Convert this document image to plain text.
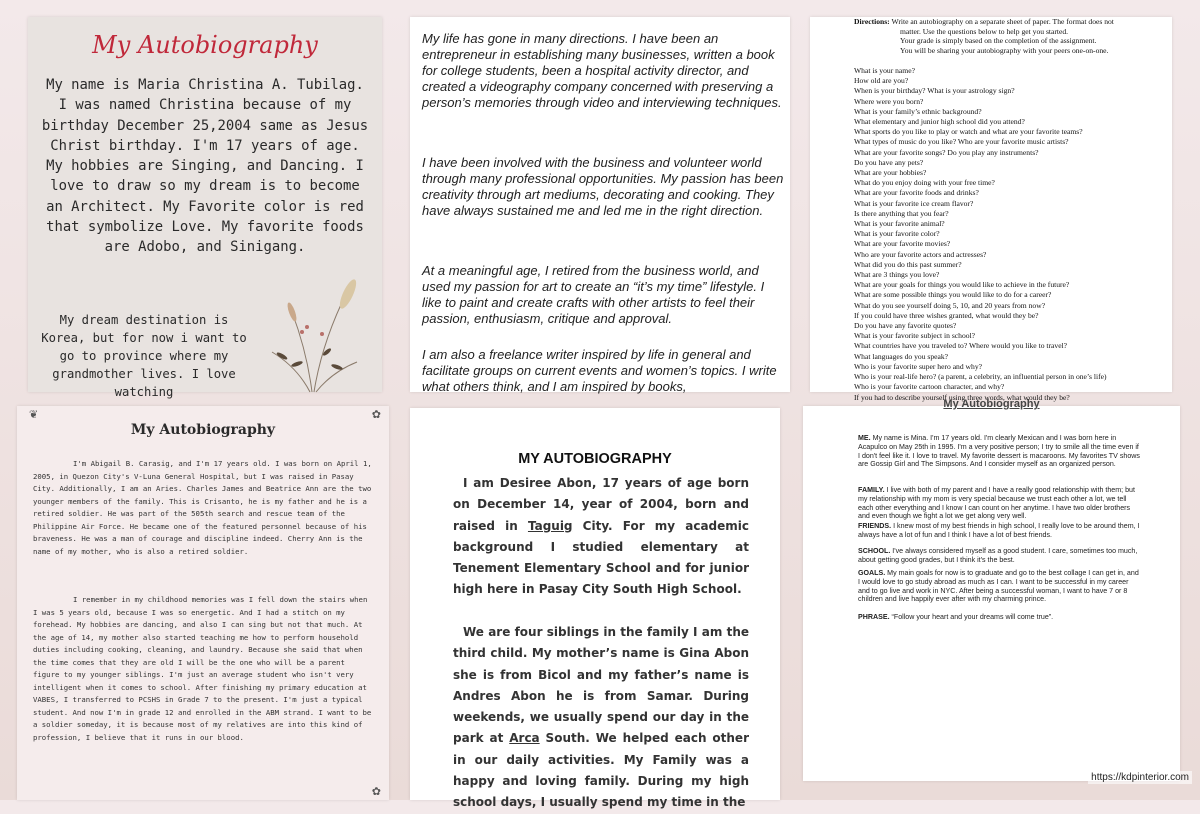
My Autobiography
My name is Maria Christina A. Tubilag. I was named Christina because of my birthday December 25,2004 same as Jesus Christ birthday. I'm 17 years of age. My hobbies are Singing, and Dancing. I love to draw so my dream is to become an Architect. My Favorite color is red that symbolize Love. My favorite foods are Adobo, and Sinigang.
My dream destination is Korea, but for now i want to go to province where my grandmother lives. I love watching
My life has gone in many directions. I have been an entrepreneur in establishing many businesses, written a book for college students, been a hospital activity director, and created a videography company concerned with preserving a person’s memories through video and interviewing techniques.
I have been involved with the business and volunteer world through many professional opportunities. My passion has been creativity through art mediums, decorating and cooking. They have always sustained me and led me in the right direction.
At a meaningful age, I retired from the business world, and used my passion for art to create an “it’s my time” lifestyle. I like to paint and create crafts with other artists to feel their passion, enthusiasm, critique and approval.
I am also a freelance writer inspired by life in general and facilitate groups on current events and women’s topics. I write what others think, and I am inspired by books,
Directions: Write an autobiography on a separate sheet of paper. The format does not
matter. Use the questions below to help get you started.
Your grade is simply based on the completion of the assignment.
You will be sharing your autobiography with your peers one-on-one.
What is your name?
How old are you?
When is your birthday? What is your astrology sign?
Where were you born?
What is your family’s ethnic background?
What elementary and junior high school did you attend?
What sports do you like to play or watch and what are your favorite teams?
What types of music do you like? Who are your favorite music artists?
What are your favorite songs? Do you play any instruments?
Do you have any pets?
What are your hobbies?
What do you enjoy doing with your free time?
What are your favorite foods and drinks?
What is your favorite ice cream flavor?
Is there anything that you fear?
What is your favorite animal?
What is your favorite color?
What are your favorite movies?
Who are your favorite actors and actresses?
What did you do this past summer?
What are 3 things you love?
What are your goals for things you would like to achieve in the future?
What are some possible things you would like to do for a career?
What do you see yourself doing 5, 10, and 20 years from now?
If you could have three wishes granted, what would they be?
Do you have any favorite quotes?
What is your favorite subject in school?
What countries have you traveled to? Where would you like to travel?
What languages do you speak?
Who is your favorite super hero and why?
Who is your real-life hero? (a parent, a celebrity, an influential person in one’s life)
Who is your favorite cartoon character, and why?
If you had to describe yourself using three words, what would they be?
❦	✿
My Autobiography
I'm Abigail B. Carasig, and I'm 17 years old. I was born on April 1, 2005, in Quezon City's V-Luna General Hospital, but I was raised in Pasay City. Additionally, I am an Aries. Charles James and Beatrice Ann are the two younger members of the family. This is Crisanto, he is my father and he is a retired soldier. He was part of the 505th search and rescue team of the Philippine Air Force. He became one of the featured personnel because of his braveness. He was a man of courage and discipline indeed. Cherry Ann is the name of my mother, who is also a retired soldier.
I remember in my childhood memories was I fell down the stairs when I was 5 years old, because I was so energetic. And I had a stitch on my forehead. My hobbies are dancing, and also I can sing but not that much. At the age of 14, my mother also started teaching me how to perform household duties including cooking, cleaning, and laundry. Because she said that when the time comes that they are old I will be the one who will be a parent figure to my younger siblings. I'm just an average student who isn't very intelligent when it comes to school. After finishing my primary education at VABES, I transferred to PCSHS in Grade 7 to the present. I'm just a typical student. And now I'm in grade 12 and enrolled in the ABM strand. I want to be a soldier someday, it is because most of my relatives are into this kind of profession, I believe that it runs in our blood.
✿
MY AUTOBIOGRAPHY
I am Desiree Abon, 17 years of age born on December 14, year of 2004, born and raised in Taguig City. For my academic background I studied elementary at Tenement Elementary School and for junior high here in Pasay City South High School.
We are four siblings in the family I am the third child. My mother’s name is Gina Abon she is from Bicol and my father’s name is Andres Abon he is from Samar. During weekends, we usually spend our day in the park at Arca South. We helped each other in our daily activities. My Family was a happy and loving family. During my high school days, I usually spend my time in the
My Autobiography
ME. My name is Mina. I'm 17 years old. I'm clearly Mexican and I was born here in Acapulco on May 25th in 1995. I'm a very positive person; I try to smile all the time even if I don't feel like it. I love to travel. My favorite dessert is macaroons. My favorites TV shows are Gossip Girl and The Simpsons. And I consider myself as an organized person.
FAMILY. I live with both of my parent and I have a really good relationship with them; but my relationship with my mom is very special because we trust each other a lot, we tell each other everything and I know I can count on her anytime. I have two older brothers and even though we fight a lot we get along very well.
FRIENDS. I knew most of my best friends in high school, I really love to be around them, I always have a lot of fun and I think I have a lot of best friends.
SCHOOL. I've always considered myself as a good student. I care, sometimes too much, about getting good grades, but I think it's the best.
GOALS. My main goals for now is to graduate and go to the best collage I can get in, and I would love to go study abroad as much as I can. I want to be successful in my career and to go live and work in NYC. After being a successful woman, I want to have 7 or 8 children and live happily ever after with my charming prince.
PHRASE. “Follow your heart and your dreams will come true”.
https://kdpinterior.com
